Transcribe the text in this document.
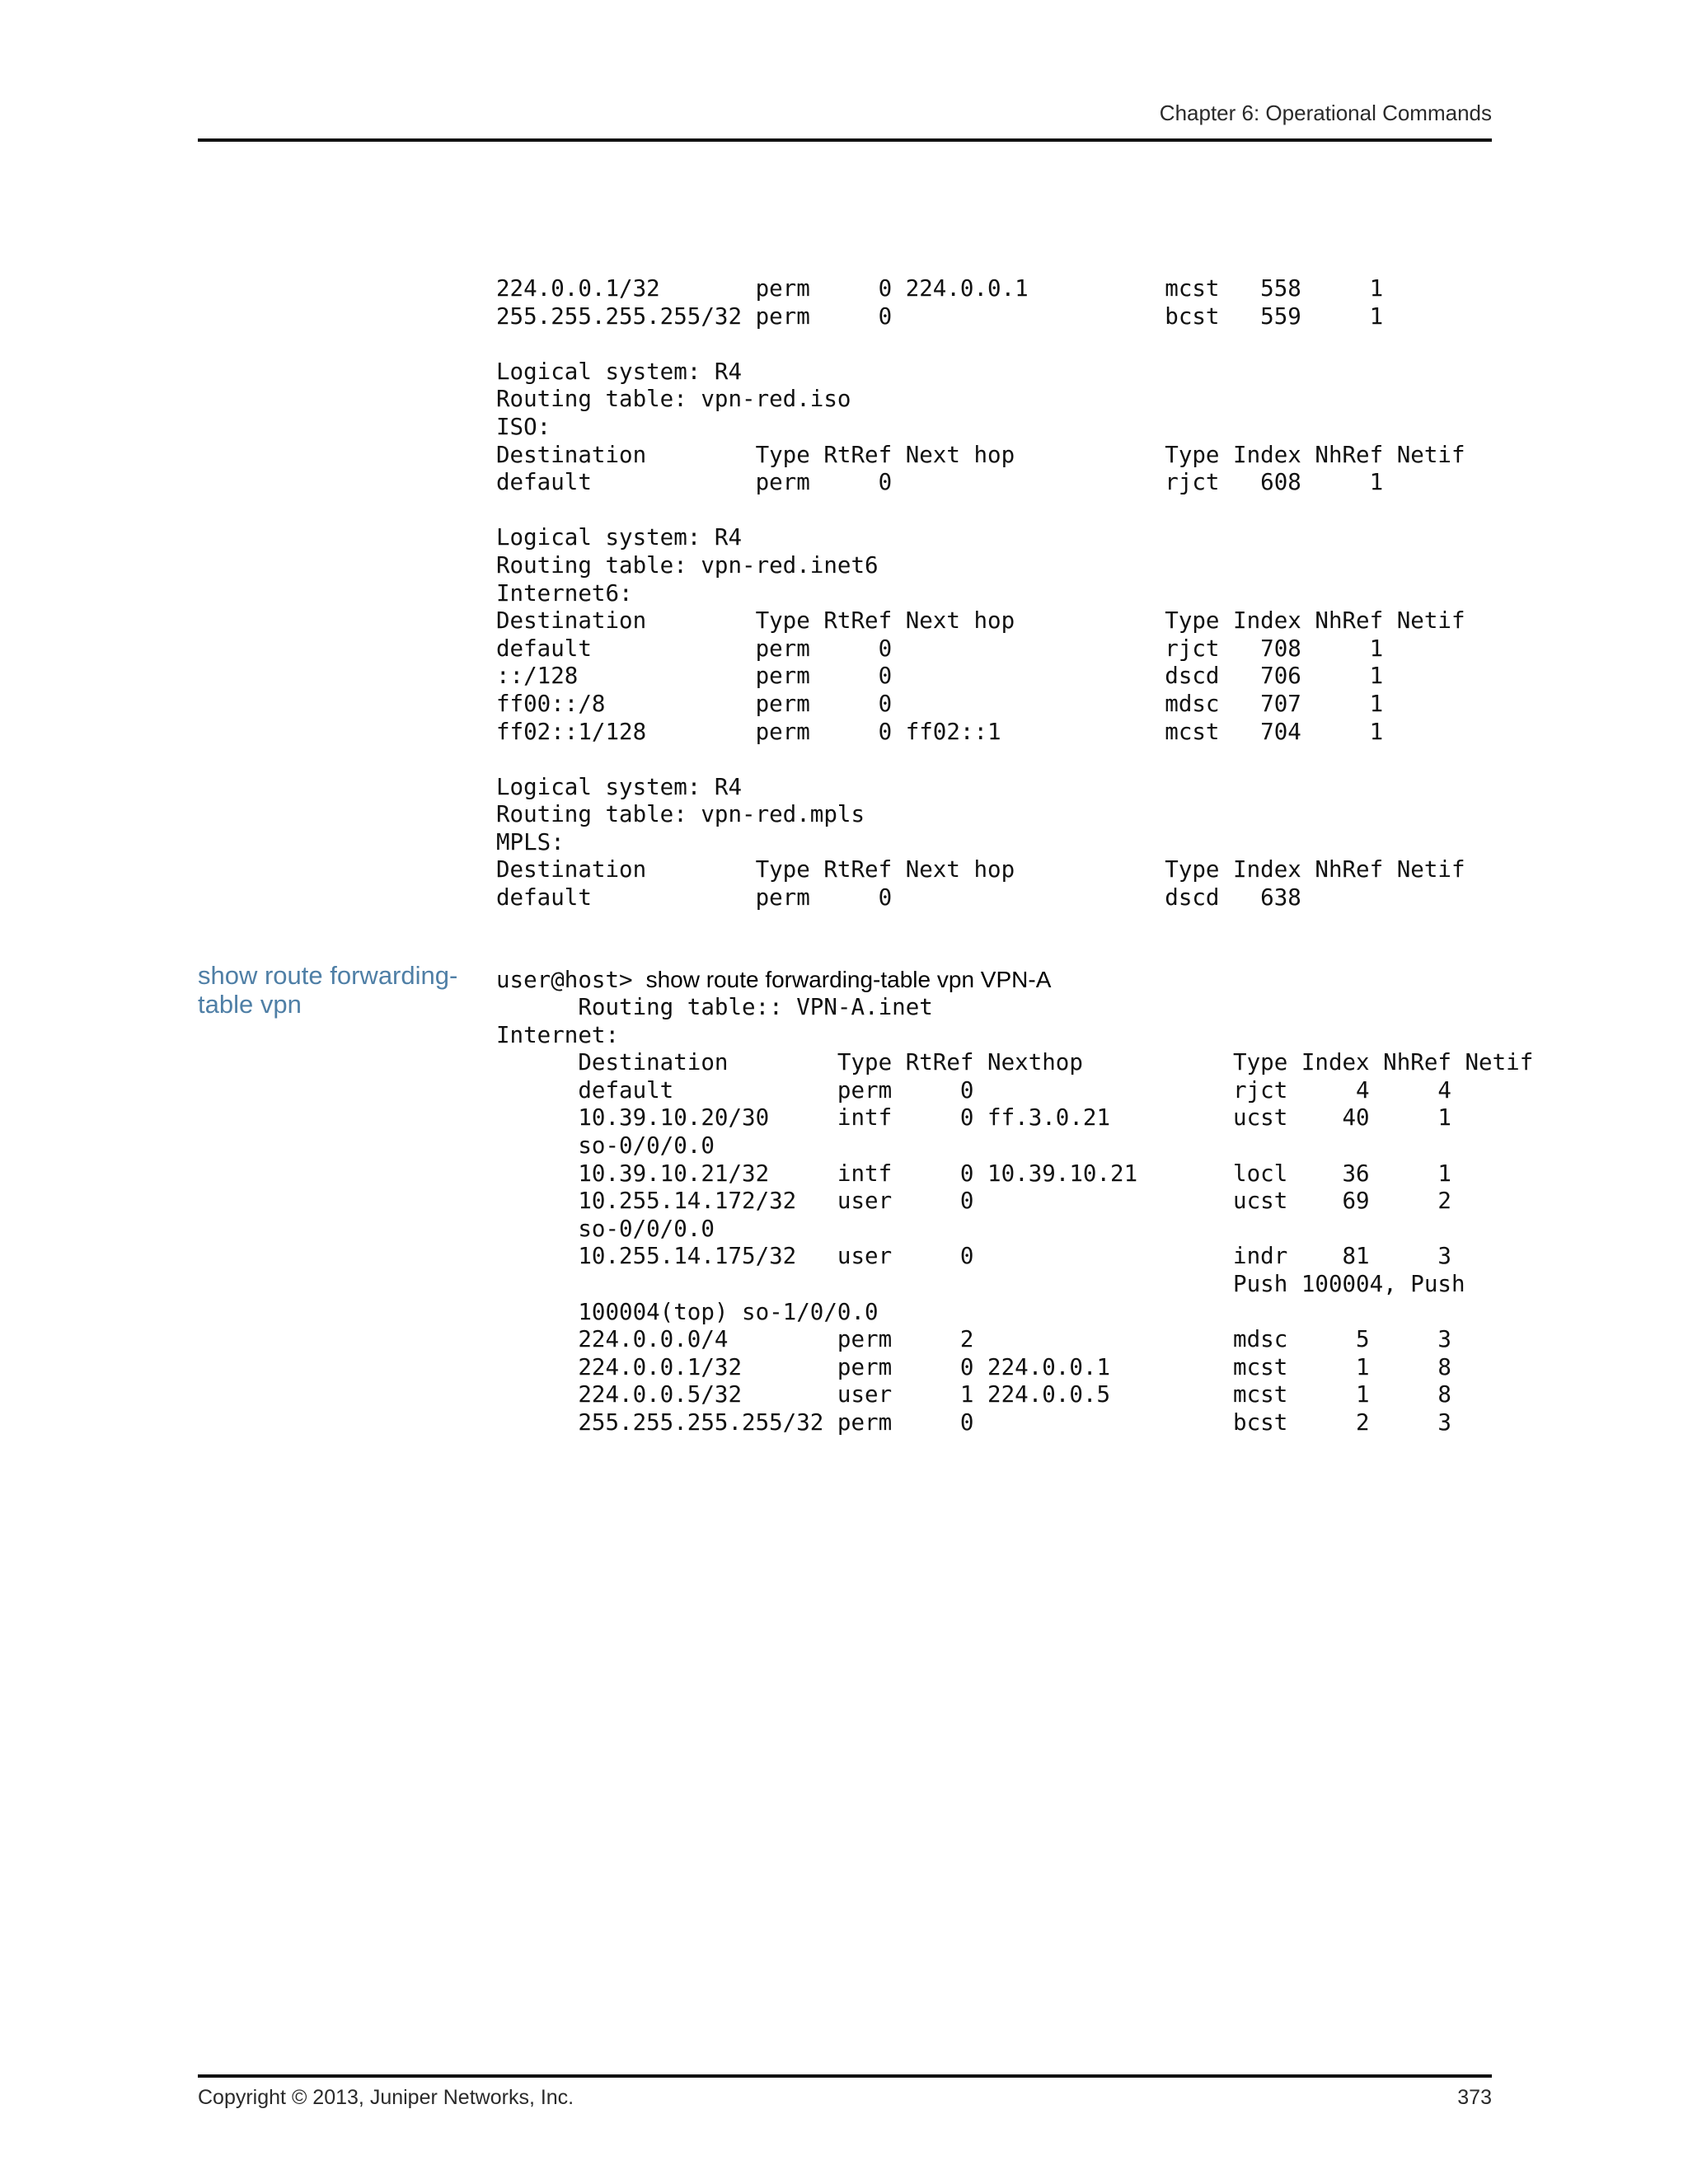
Chapter 6: Operational Commands
224.0.0.1/32       perm     0 224.0.0.1          mcst   558     1
255.255.255.255/32 perm     0                    bcst   559     1
Logical system: R4
Routing table: vpn-red.iso
ISO:
Destination        Type RtRef Next hop           Type Index NhRef Netif
default            perm     0                    rjct   608     1
Logical system: R4
Routing table: vpn-red.inet6
Internet6:
Destination        Type RtRef Next hop           Type Index NhRef Netif
default            perm     0                    rjct   708     1
::/128             perm     0                    dscd   706     1
ff00::/8           perm     0                    mdsc   707     1
ff02::1/128        perm     0 ff02::1            mcst   704     1
Logical system: R4
Routing table: vpn-red.mpls
MPLS:
Destination        Type RtRef Next hop           Type Index NhRef Netif
default            perm     0                    dscd   638
show route forwarding-table vpn
user@host> show route forwarding-table vpn VPN-A
Routing table:: VPN-A.inet
Internet:
Destination        Type RtRef Nexthop           Type Index NhRef Netif
default            perm     0                   rjct     4     4
10.39.10.20/30     intf     0 ff.3.0.21         ucst    40     1
so-0/0/0.0
10.39.10.21/32     intf     0 10.39.10.21       locl    36     1
10.255.14.172/32   user     0                   ucst    69     2
so-0/0/0.0
10.255.14.175/32   user     0                   indr    81     3
Push 100004, Push
100004(top) so-1/0/0.0
224.0.0.0/4        perm     2                   mdsc     5     3
224.0.0.1/32       perm     0 224.0.0.1         mcst     1     8
224.0.0.5/32       user     1 224.0.0.5         mcst     1     8
255.255.255.255/32 perm     0                   bcst     2     3
Copyright © 2013, Juniper Networks, Inc.	373
